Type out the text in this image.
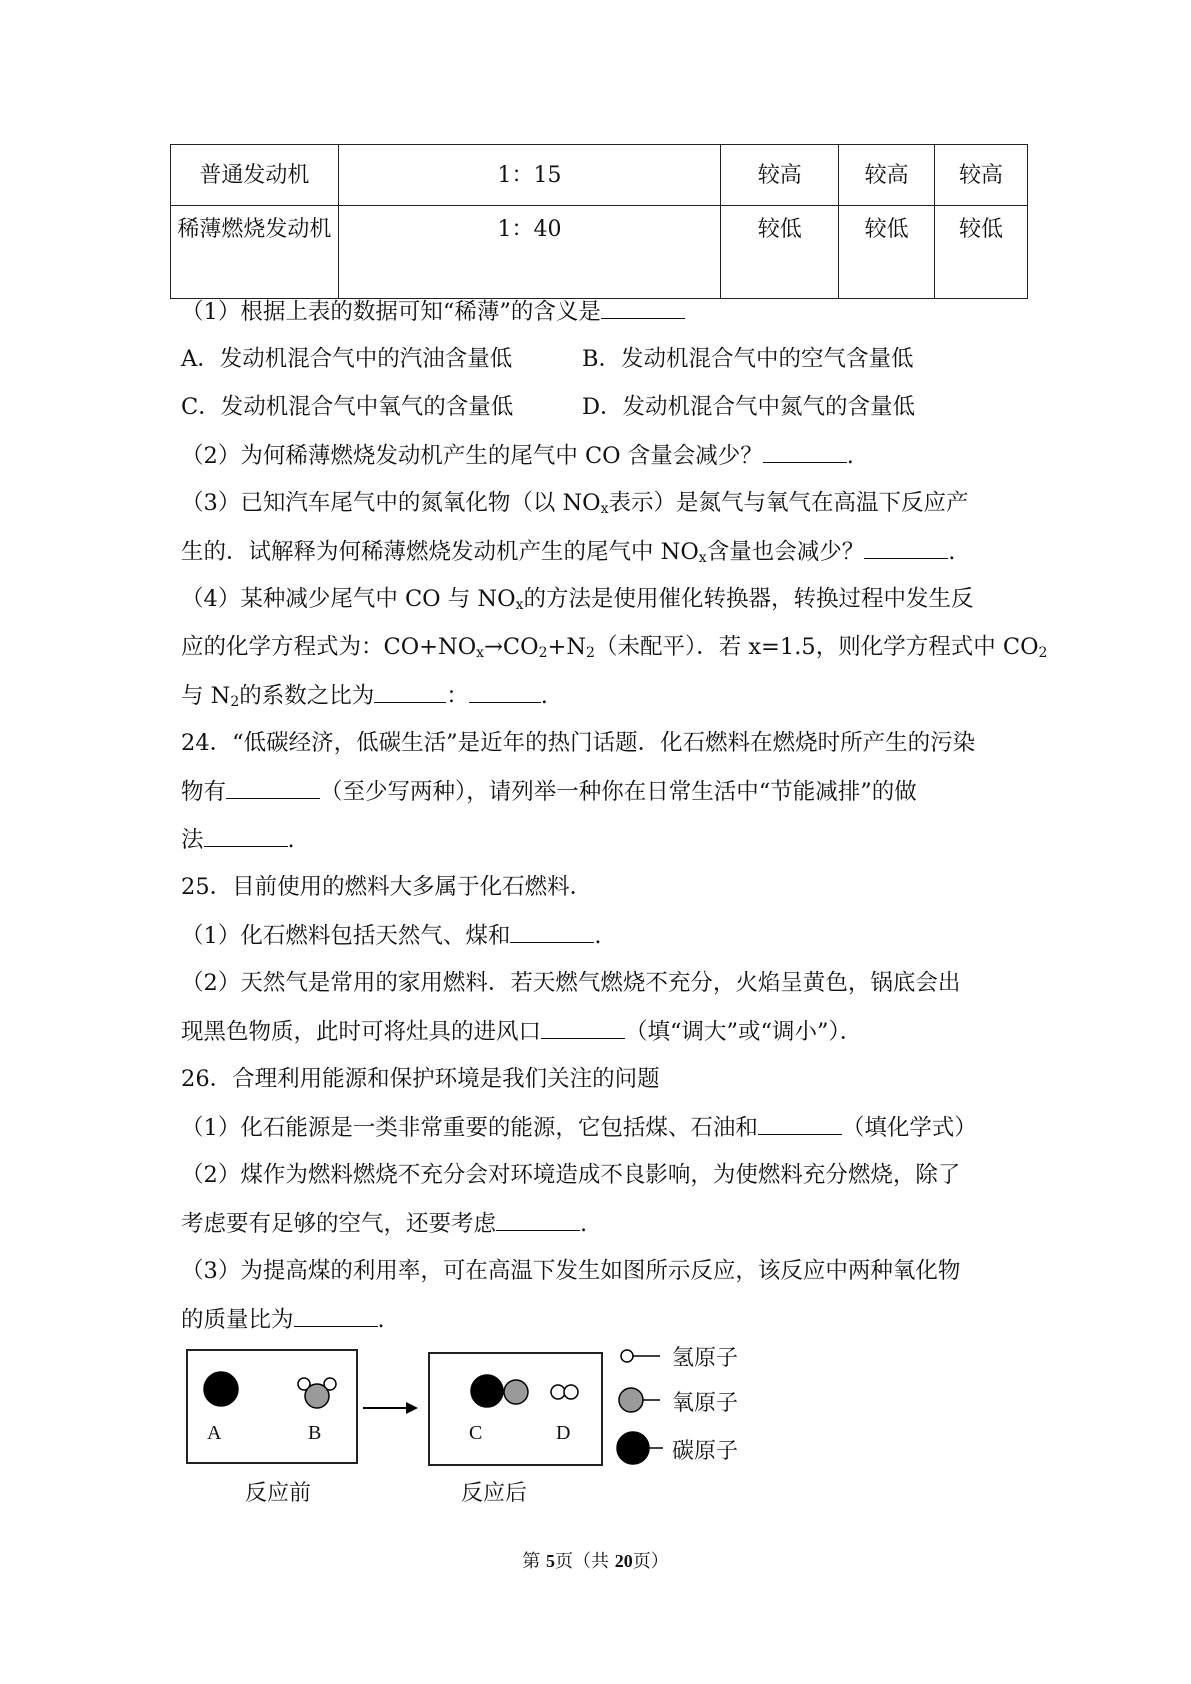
普通发动机	1：15	较高	较高	较高
稀薄燃烧发动机	1：40	较低	较低	较低
（1）根据上表的数据可知“稀薄”的含义是
A．发动机混合气中的汽油含量低	B．发动机混合气中的空气含量低
C．发动机混合气中氧气的含量低	D．发动机混合气中氮气的含量低
（2）为何稀薄燃烧发动机产生的尾气中 CO 含量会减少？	.
（3）已知汽车尾气中的氮氧化物（以 $NO_x$表示）是氮气与氧气在高温下反应产
生的．试解释为何稀薄燃烧发动机产生的尾气中 $NO_x$含量也会减少？	.
（4）某种减少尾气中 CO 与 $NO_x$的方法是使用催化转换器，转换过程中发生反
应的化学方程式为：$CO+NO_x\to CO_2+N_2$（未配平）．若 x=1.5，则化学方程式中 $CO_2$
与 $N_2$的系数之比为	：	.
24．“低碳经济，低碳生活”是近年的热门话题．化石燃料在燃烧时所产生的污染
物有	（至少写两种），请列举一种你在日常生活中“节能减排”的做
法	.
25．目前使用的燃料大多属于化石燃料．
（1）化石燃料包括天然气、煤和	.
（2）天然气是常用的家用燃料．若天燃气燃烧不充分，火焰呈黄色，锅底会出
现黑色物质，此时可将灶具的进风口	（填“调大”或“调小”）．
26．合理利用能源和保护环境是我们关注的问题
（1）化石能源是一类非常重要的能源，它包括煤、石油和	（填化学式）
（2）煤作为燃料燃烧不充分会对环境造成不良影响，为使燃料充分燃烧，除了
考虑要有足够的空气，还要考虑	.
（3）为提高煤的利用率，可在高温下发生如图所示反应，该反应中两种氧化物
的质量比为	.
A	B	C	D
反应前	反应后
氢原子
氧原子
碳原子
第 5页（共 20页）
